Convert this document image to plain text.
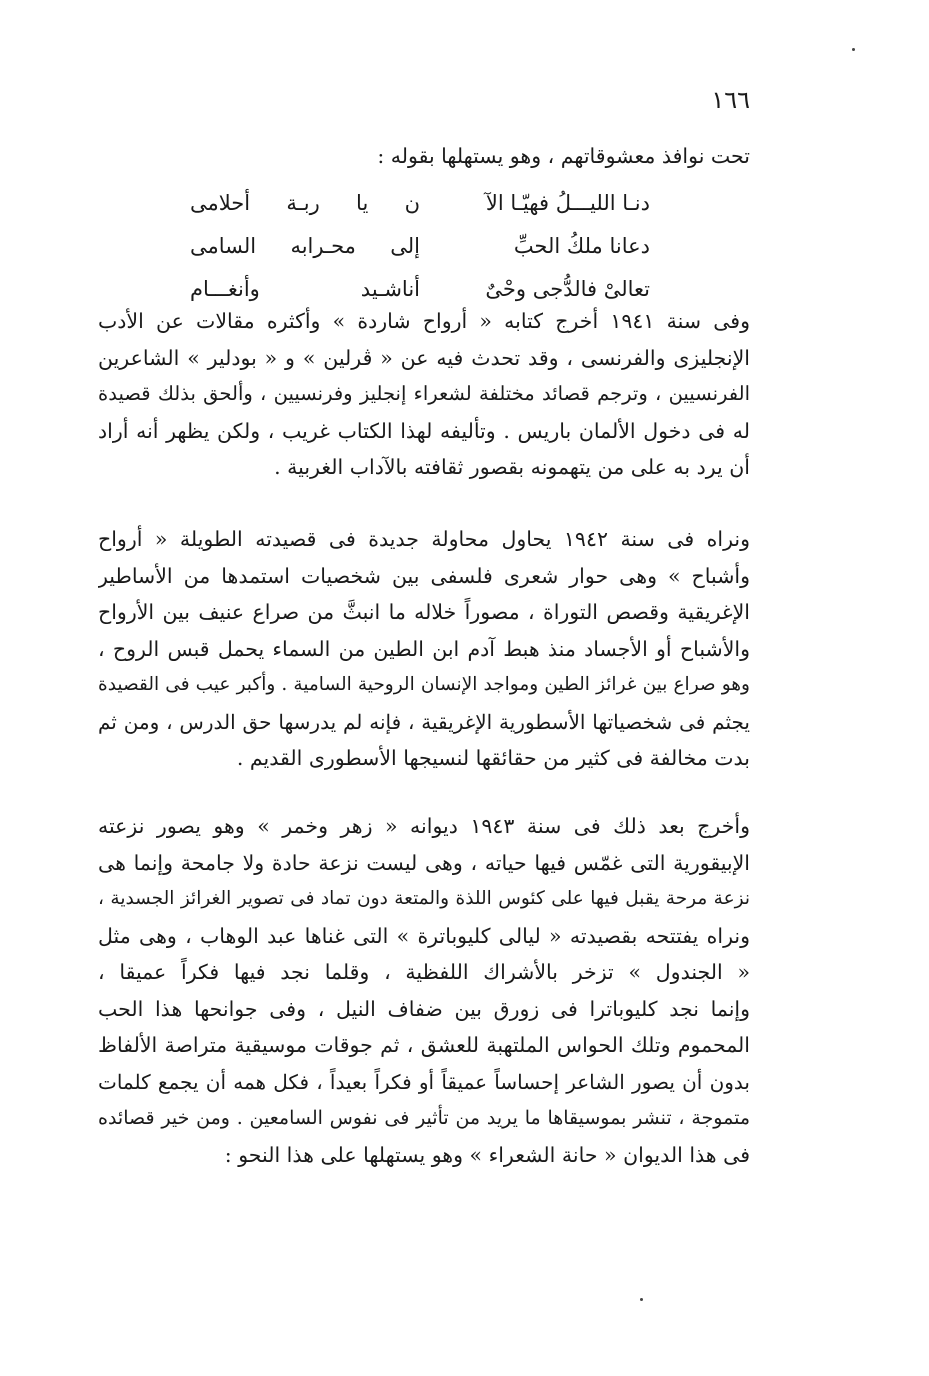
١٦٦
تحت نوافذ معشوقاتهم ، وهو يستهلها بقوله :
دنـا الليـــلُ فهيّـا الآ
ن يا ربـة أحلامى
دعانا ملكُ الحبِّ
إلى محـرابه السامى
تعالىْ فالدُّجى وحْىٌ
أناشـيد وأنغـــام
وفى سنة ١٩٤١ أخرج كتابه « أرواح شاردة » وأكثره مقالات عن الأدب
الإنجليزى والفرنسى ، وقد تحدث فيه عن « ڤرلين » و « بودلير » الشاعرين
الفرنسيين ، وترجم قصائد مختلفة لشعراء إنجليز وفرنسيين ، وألحق بذلك قصيدة
له فى دخول الألمان باريس . وتأليفه لهذا الكتاب غريب ، ولكن يظهر أنه أراد
أن يرد به على من يتهمونه بقصور ثقافته بالآداب الغربية .
ونراه فى سنة ١٩٤٢ يحاول محاولة جديدة فى قصيدته الطويلة « أرواح
وأشباح » وهى حوار شعرى فلسفى بين شخصيات استمدها من الأساطير
الإغريقية وقصص التوراة ، مصوراً خلاله ما انبثَّ من صراع عنيف بين الأرواح
والأشباح أو الأجساد منذ هبط آدم ابن الطين من السماء يحمل قبس الروح ،
وهو صراع بين غرائز الطين ومواجد الإنسان الروحية السامية . وأكبر عيب فى القصيدة
يجثم فى شخصياتها الأسطورية الإغريقية ، فإنه لم يدرسها حق الدرس ، ومن ثم
بدت مخالفة فى كثير من حقائقها لنسيجها الأسطورى القديم .
وأخرج بعد ذلك فى سنة ١٩٤٣ ديوانه « زهر وخمر » وهو يصور نزعته
الإبيقورية التى غمّس فيها حياته ، وهى ليست نزعة حادة ولا جامحة وإنما هى
نزعة مرحة يقبل فيها على كئوس اللذة والمتعة دون تماد فى تصوير الغرائز الجسدية ،
ونراه يفتتحه بقصيدته « ليالى كليوباترة » التى غناها عبد الوهاب ، وهى مثل
« الجندول » تزخر بالأشراك اللفظية ، وقلما نجد فيها فكراً عميقا ،
وإنما نجد كليوباترا فى زورق بين ضفاف النيل ، وفى جوانحها هذا الحب
المحموم وتلك الحواس الملتهبة للعشق ، ثم جوقات موسيقية متراصة الألفاظ
بدون أن يصور الشاعر إحساساً عميقاً أو فكراً بعيداً ، فكل همه أن يجمع كلمات
متموجة ، تنشر بموسيقاها ما يريد من تأثير فى نفوس السامعين . ومن خير قصائده
فى هذا الديوان « حانة الشعراء » وهو يستهلها على هذا النحو :
